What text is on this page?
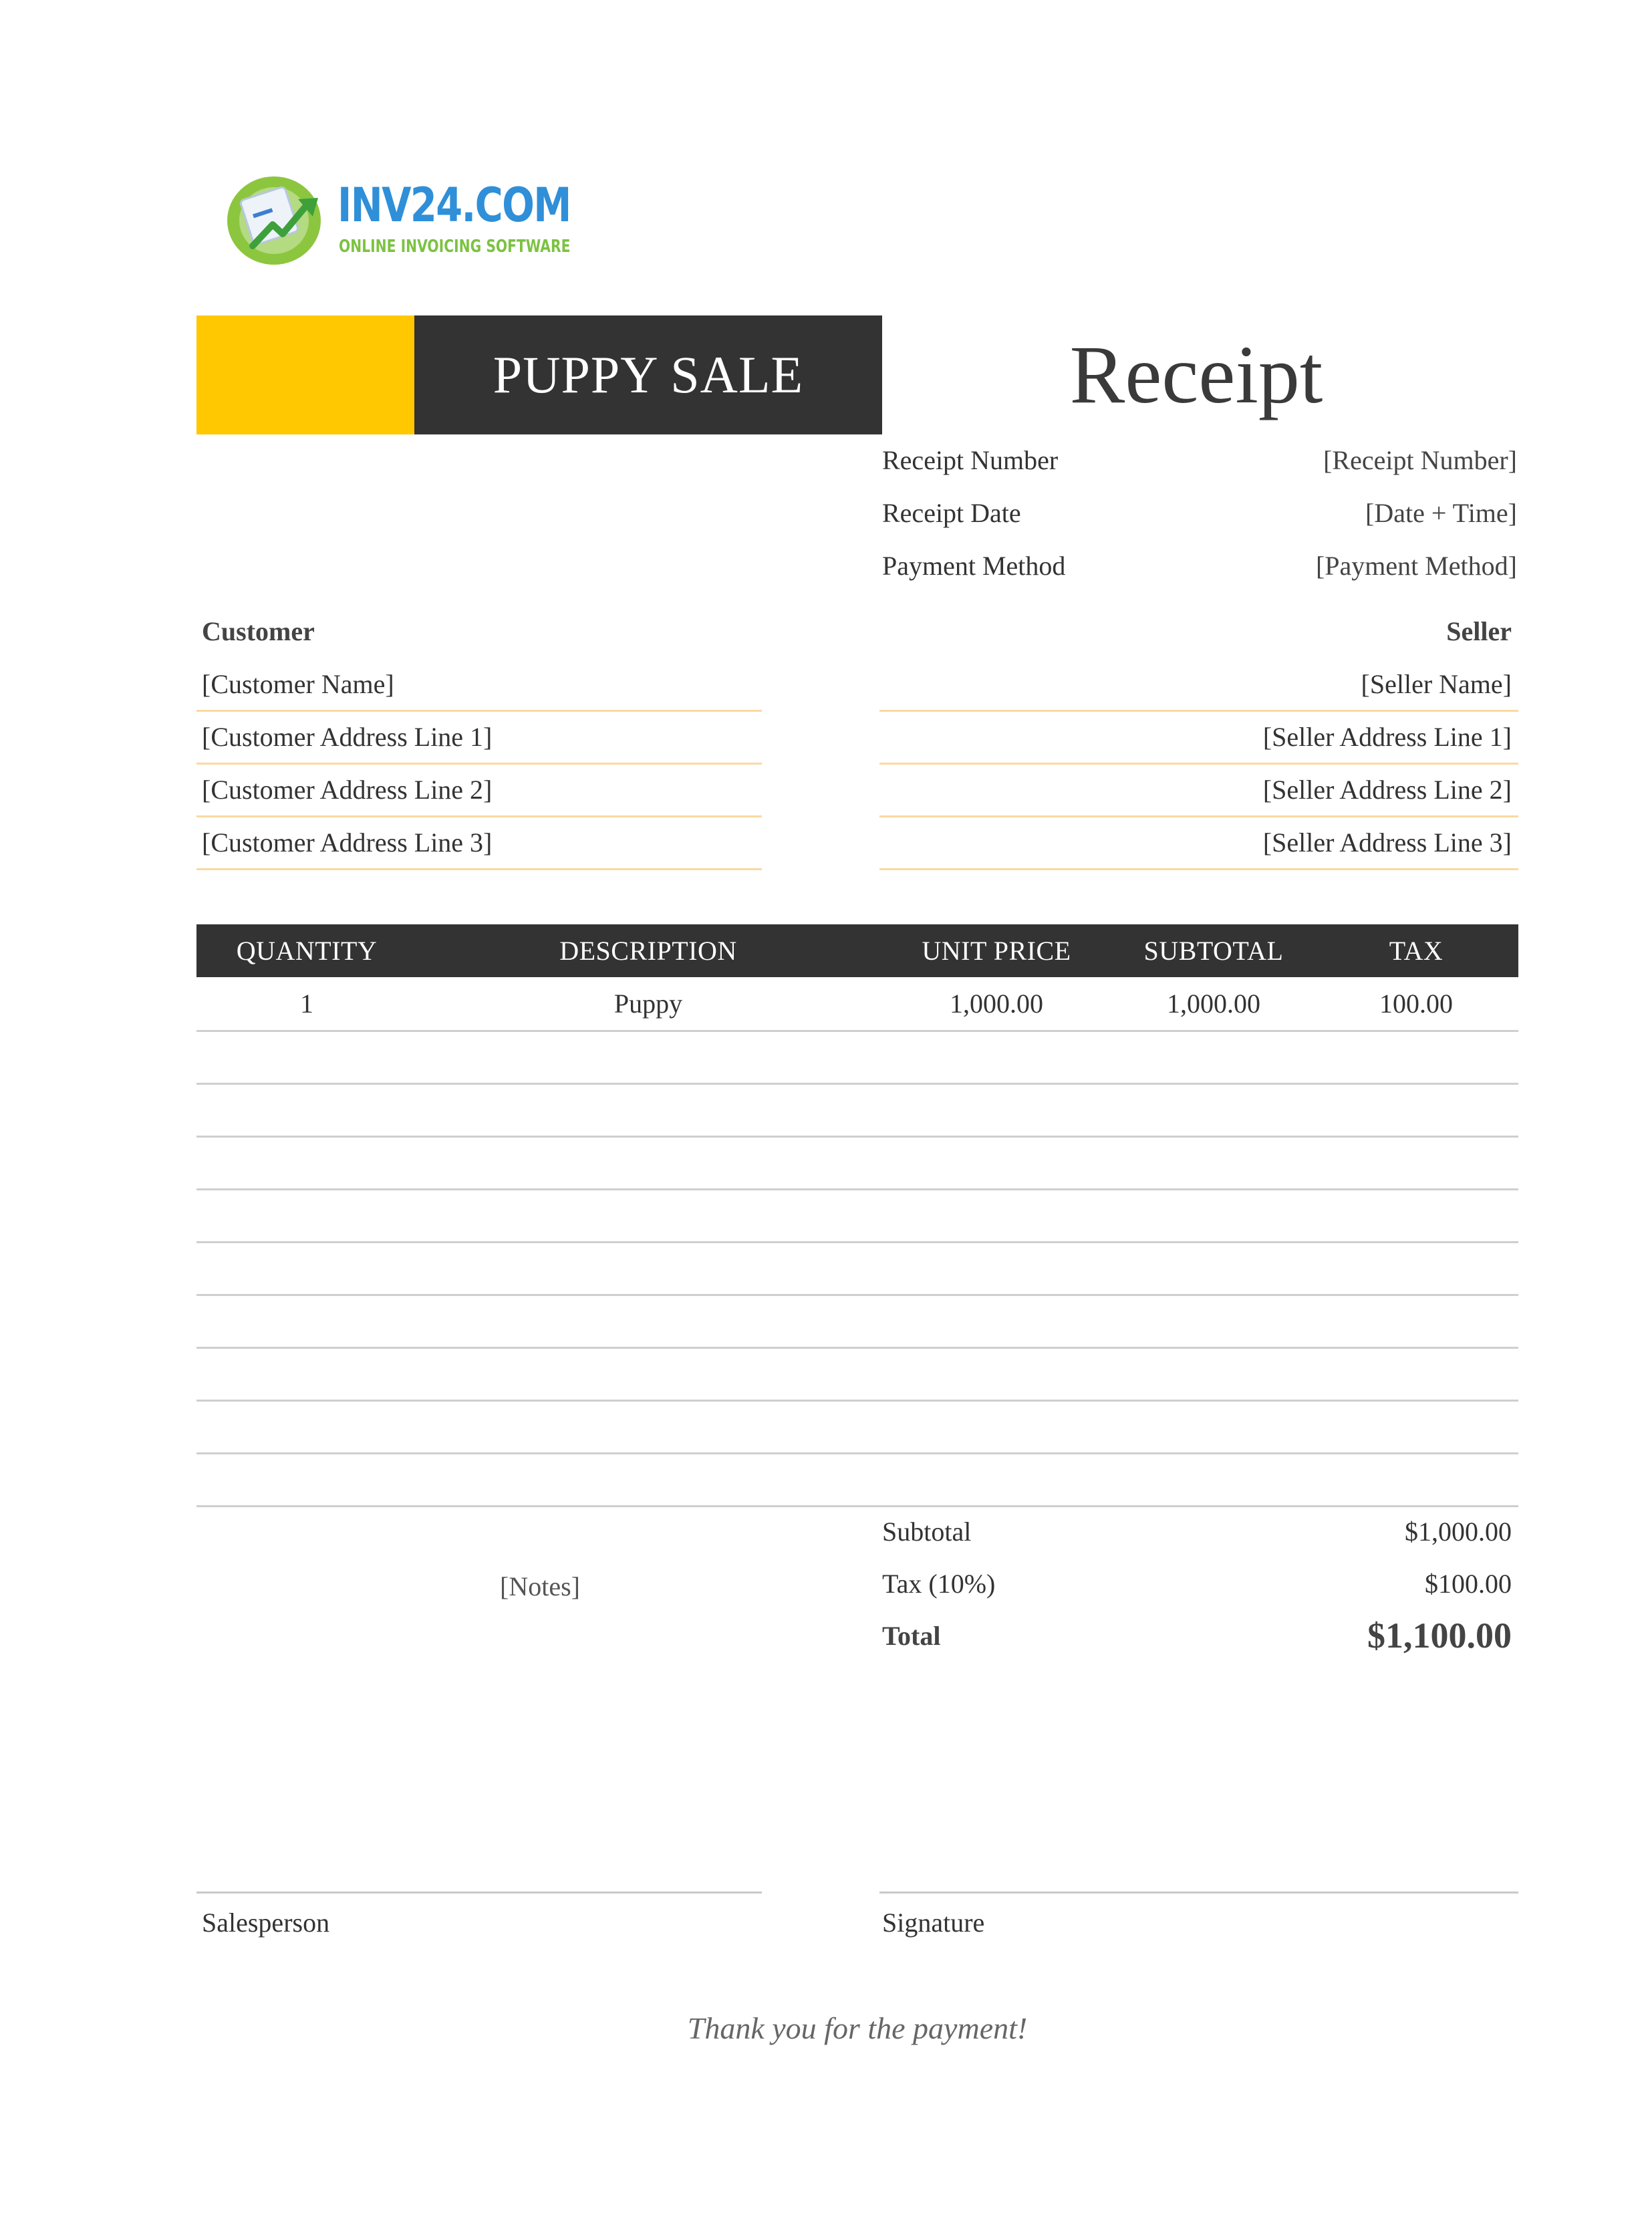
INV24.COM
ONLINE INVOICING SOFTWARE
PUPPY SALE	Receipt
Receipt Number	[Receipt Number]
Receipt Date	[Date + Time]
Payment Method	[Payment Method]
Customer
[Customer Name]
[Customer Address Line 1]
[Customer Address Line 2]
[Customer Address Line 3]
Seller
[Seller Name]
[Seller Address Line 1]
[Seller Address Line 2]
[Seller Address Line 3]
QUANTITY	DESCRIPTION	UNIT PRICE	SUBTOTAL	TAX
1	Puppy	1,000.00	1,000.00	100.00
[Notes]
Subtotal	$1,000.00
Tax (10%)	$100.00
Total	$1,100.00
Salesperson	Signature
Thank you for the payment!
